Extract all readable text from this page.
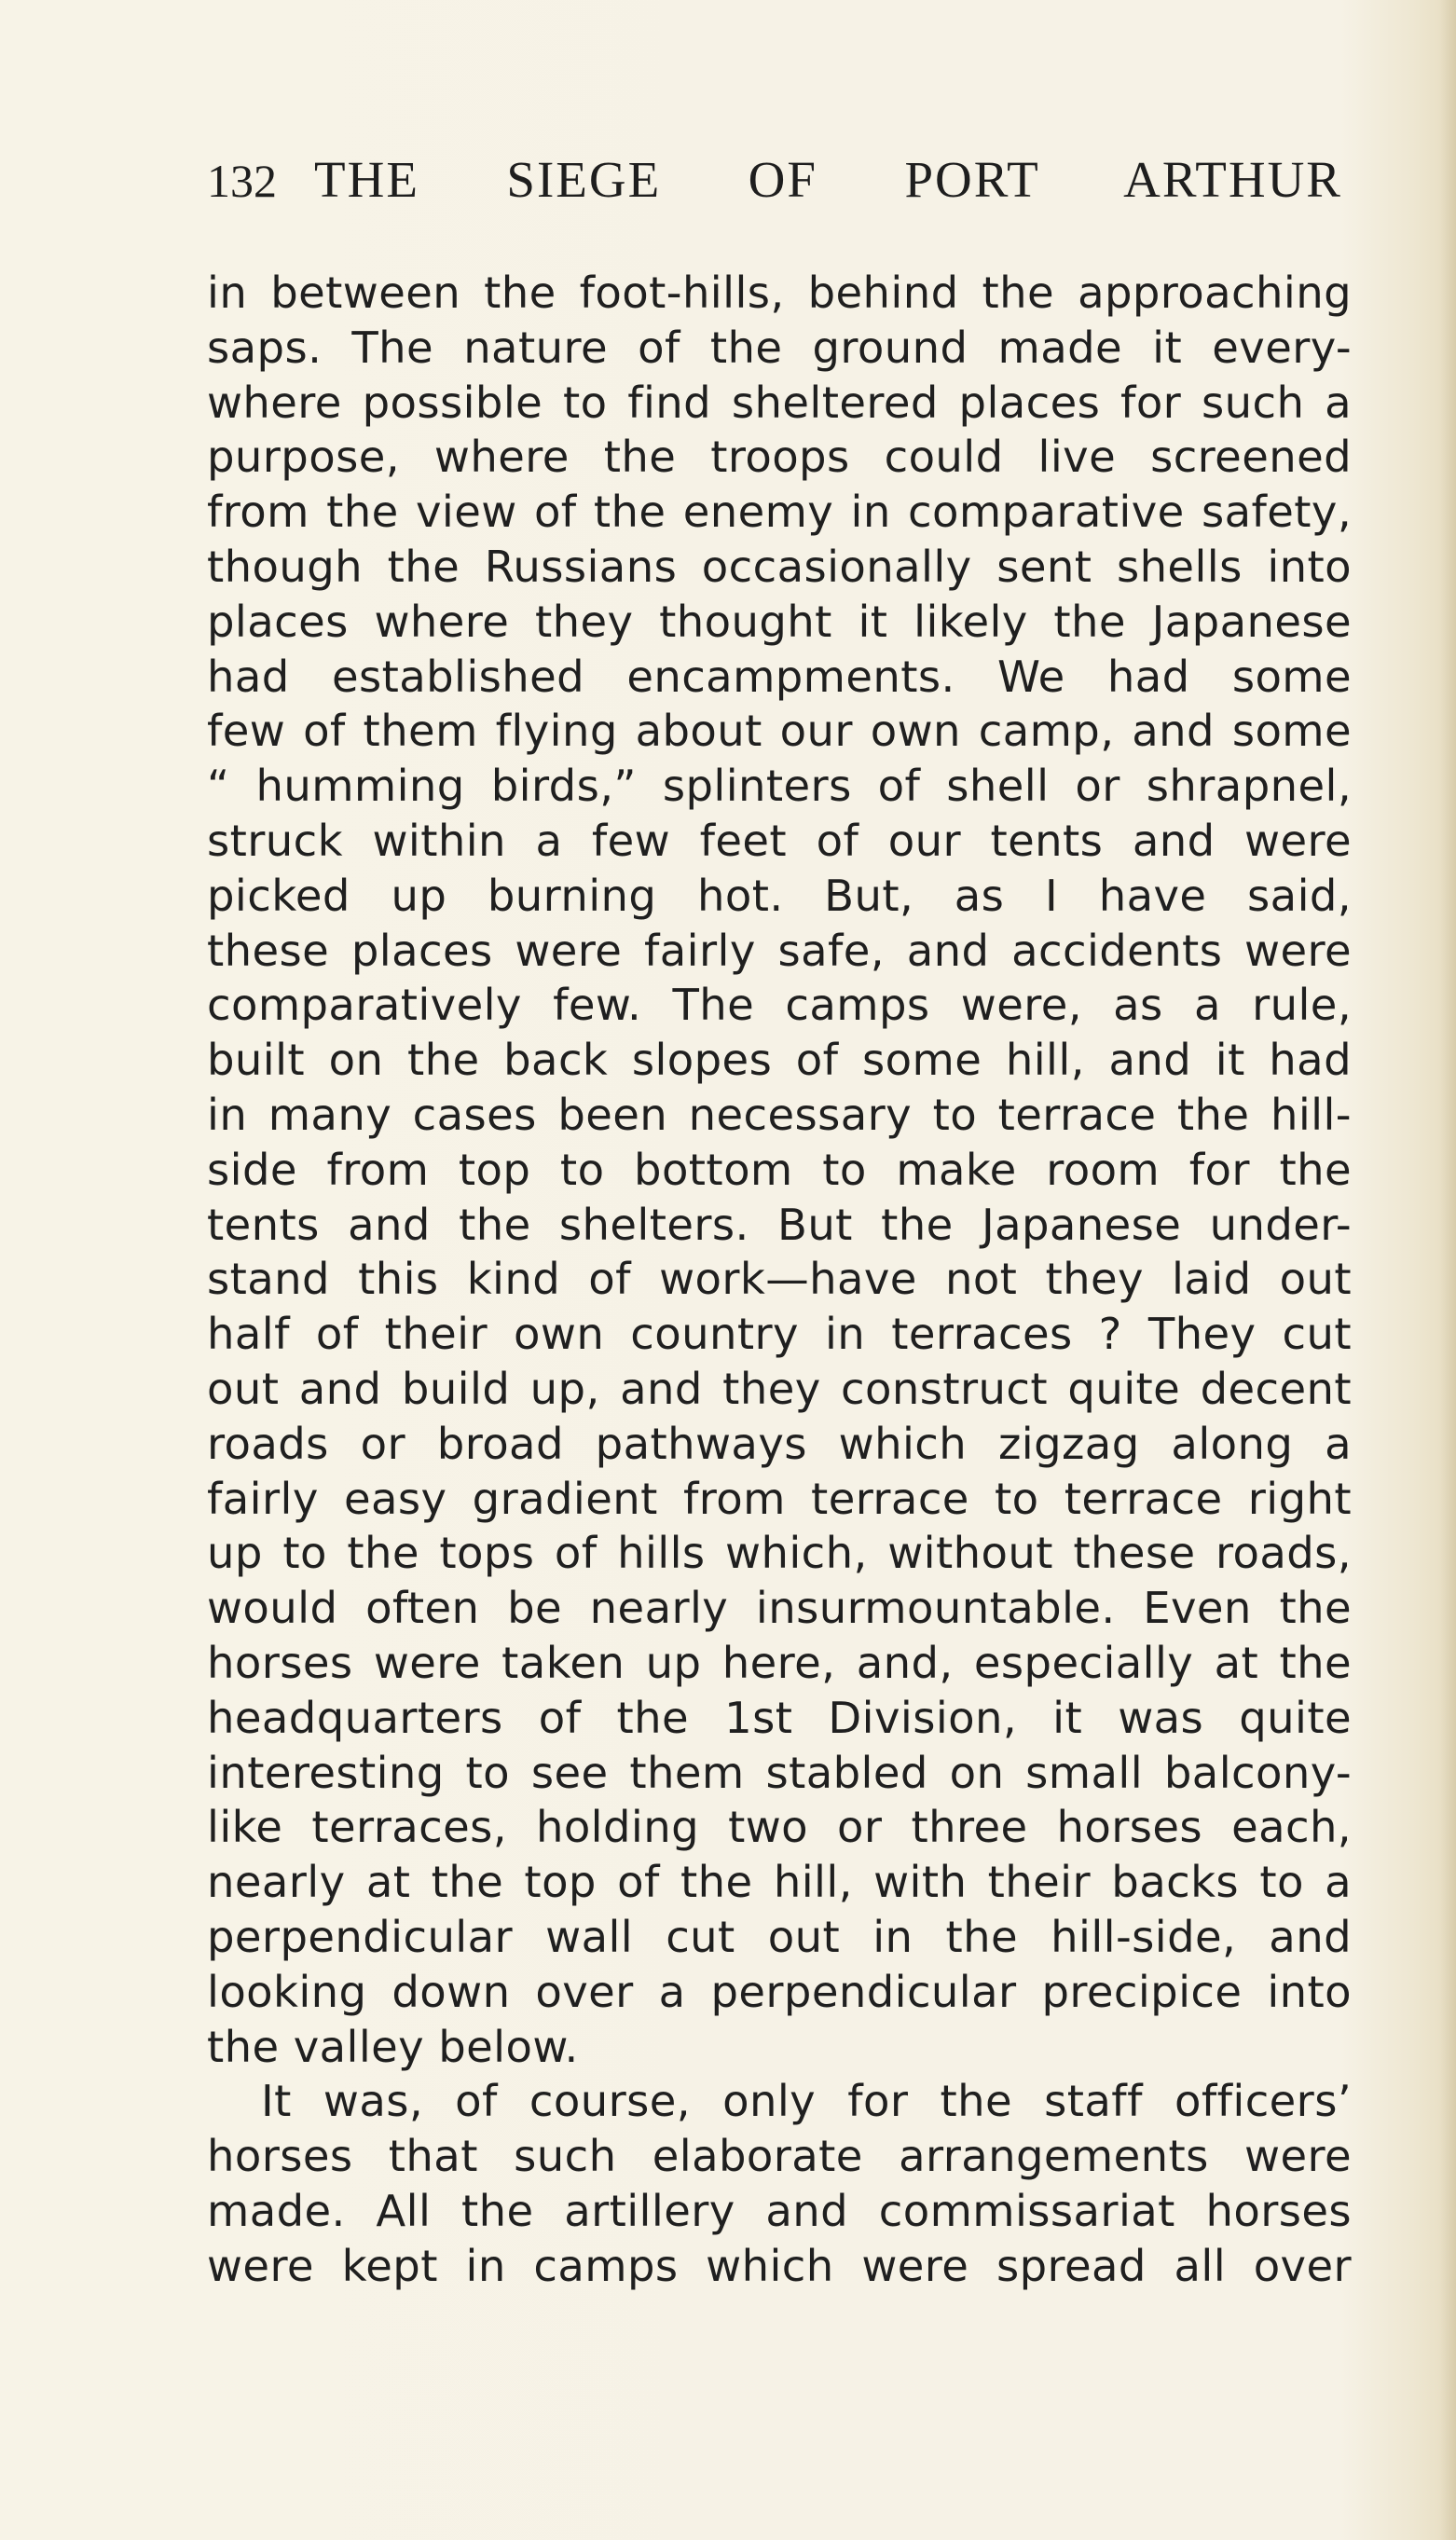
132 THE SIEGE OF PORT ARTHUR
in between the foot-hills, behind the approaching
saps. The nature of the ground made it every-
where possible to find sheltered places for such a
purpose, where the troops could live screened
from the view of the enemy in comparative safety,
though the Russians occasionally sent shells into
places where they thought it likely the Japanese
had established encampments. We had some
few of them flying about our own camp, and some
“ humming birds,” splinters of shell or shrapnel,
struck within a few feet of our tents and were
picked up burning hot. But, as I have said,
these places were fairly safe, and accidents were
comparatively few. The camps were, as a rule,
built on the back slopes of some hill, and it had
in many cases been necessary to terrace the hill-
side from top to bottom to make room for the
tents and the shelters. But the Japanese under-
stand this kind of work—have not they laid out
half of their own country in terraces ? They cut
out and build up, and they construct quite decent
roads or broad pathways which zigzag along a
fairly easy gradient from terrace to terrace right
up to the tops of hills which, without these roads,
would often be nearly insurmountable. Even the
horses were taken up here, and, especially at the
headquarters of the 1st Division, it was quite
interesting to see them stabled on small balcony-
like terraces, holding two or three horses each,
nearly at the top of the hill, with their backs to a
perpendicular wall cut out in the hill-side, and
looking down over a perpendicular precipice into
the valley below.
It was, of course, only for the staff officers’
horses that such elaborate arrangements were
made. All the artillery and commissariat horses
were kept in camps which were spread all over
